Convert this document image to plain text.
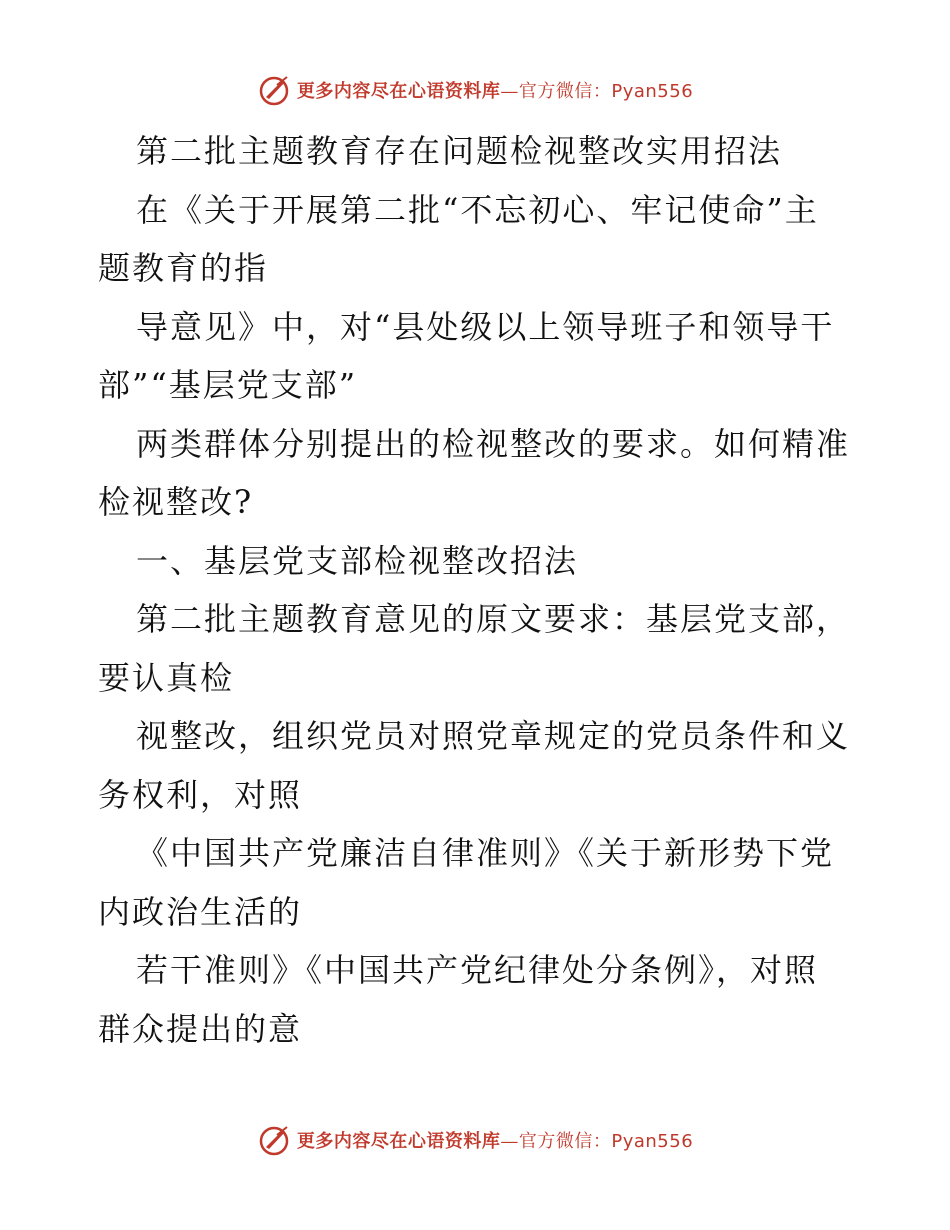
更多内容尽在心语资料库—官方微信：Pyan556
第二批主题教育存在问题检视整改实用招法
在《关于开展第二批“不忘初心、牢记使命”主
题教育的指
导意见》中，对“县处级以上领导班子和领导干
部”“基层党支部”
两类群体分别提出的检视整改的要求。如何精准
检视整改?
一、基层党支部检视整改招法
第二批主题教育意见的原文要求：基层党支部，
要认真检
视整改，组织党员对照党章规定的党员条件和义
务权利，对照
《中国共产党廉洁自律准则》《关于新形势下党
内政治生活的
若干准则》《中国共产党纪律处分条例》，对照
群众提出的意
更多内容尽在心语资料库—官方微信：Pyan556
